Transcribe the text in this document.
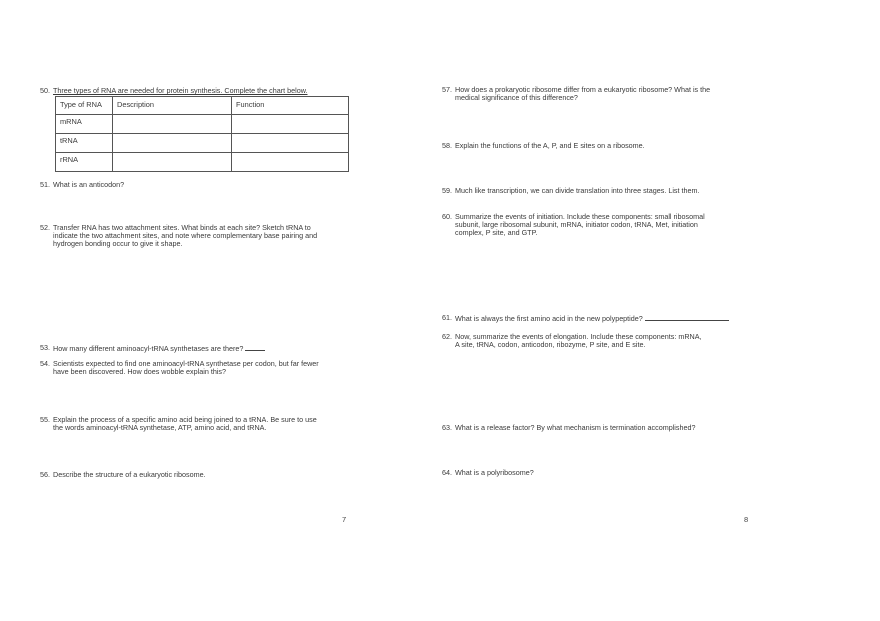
50. Three types of RNA are needed for protein synthesis. Complete the chart below.
Type of RNA	Description	Function
mRNA		
tRNA		
rRNA		
51. What is an anticodon?
52. Transfer RNA has two attachment sites. What binds at each site? Sketch tRNA to
indicate the two attachment sites, and note where complementary base pairing and
hydrogen bonding occur to give it shape.
53. How many different aminoacyl-tRNA synthetases are there?
54. Scientists expected to find one aminoacyl-tRNA synthetase per codon, but far fewer
have been discovered. How does wobble explain this?
55. Explain the process of a specific amino acid being joined to a tRNA. Be sure to use
the words aminoacyl-tRNA synthetase, ATP, amino acid, and tRNA.
56. Describe the structure of a eukaryotic ribosome.
7
57. How does a prokaryotic ribosome differ from a eukaryotic ribosome? What is the
medical significance of this difference?
58. Explain the functions of the A, P, and E sites on a ribosome.
59. Much like transcription, we can divide translation into three stages. List them.
60. Summarize the events of initiation. Include these components: small ribosomal
subunit, large ribosomal subunit, mRNA, initiator codon, tRNA, Met, initiation
complex, P site, and GTP.
61. What is always the first amino acid in the new polypeptide?
62. Now, summarize the events of elongation. Include these components: mRNA,
A site, tRNA, codon, anticodon, ribozyme, P site, and E site.
63. What is a release factor? By what mechanism is termination accomplished?
64. What is a polyribosome?
8
